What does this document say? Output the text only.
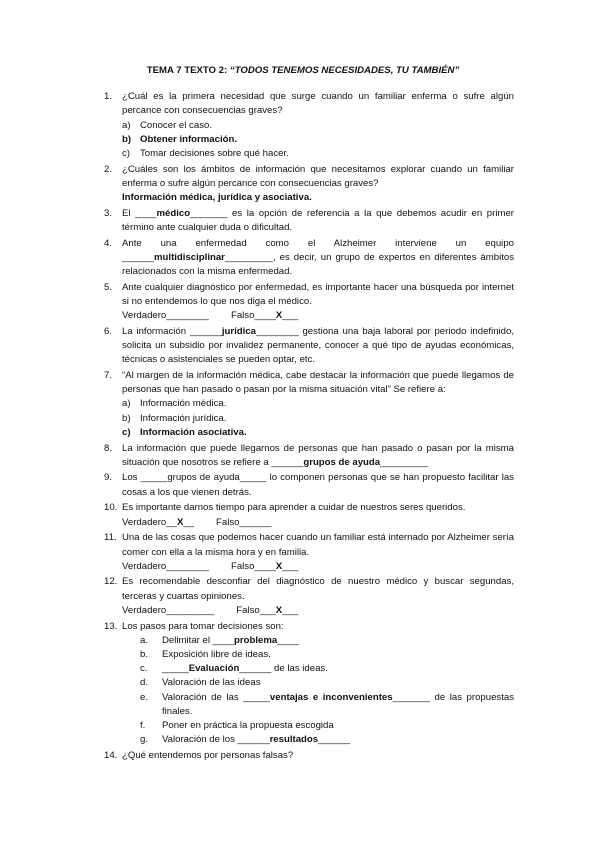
TEMA 7 TEXTO 2: “TODOS TENEMOS NECESIDADES, TU TAMBIÉN”
1. ¿Cuál es la primera necesidad que surge cuando un familiar enferma o sufre algún percance con consecuencias graves?
a) Conocer el caso.
b) Obtener información.
c) Tomar decisiones sobre qué hacer.
2. ¿Cuáles son los ámbitos de información que necesitamos explorar cuando un familiar enferma o sufre algún percance con consecuencias graves?
Información médica, jurídica y asociativa.
3. El ____médico_______ es la opción de referencia a la que debemos acudir en primer término ante cualquier duda o dificultad.
4. Ante una enfermedad como el Alzheimer interviene un equipo
______multidisciplinar_________, es decir, un grupo de expertos en diferentes ámbitos relacionados con la misma enfermedad.
5. Ante cualquier diagnóstico por enfermedad, es importante hacer una búsqueda por internet si no entendemos lo que nos diga el médico.
Verdadero________ Falso____X___
6. La información ______jurídica________ gestiona una baja laboral por periodo indefinido, solicita un subsidio por invalidez permanente, conocer a qué tipo de ayudas económicas, técnicas o asistenciales se pueden optar, etc.
7. “Al margen de la información médica, cabe destacar la información que puede llegamos de personas que han pasado o pasan por la misma situación vital” Se refiere a:
a) Información médica.
b) Información jurídica.
c) Información asociativa.
8. La información que puede llegarnos de personas que han pasado o pasan por la misma situación que nosotros se refiere a ______grupos de ayuda_________
9. Los _____grupos de ayuda_____ lo componen personas que se han propuesto facilitar las cosas a los que vienen detrás.
10. Es importante darnos tiempo para aprender a cuidar de nuestros seres queridos.
Verdadero__X__ Falso______
11. Una de las cosas que podemos hacer cuando un familiar está internado por Alzheimer sería comer con ella a la misma hora y en familia.
Verdadero________ Falso____X___
12. Es recomendable desconfiar del diagnóstico de nuestro médico y buscar segundas, terceras y cuartas opiniones.
Verdadero_________ Falso___X___
13. Los pasos para tomar decisiones son:
a. Delimitar el ____problema____
b. Exposición libre de ideas.
c. _____Evaluación______ de las ideas.
d. Valoración de las ideas
e. Valoración de las _____ventajas e inconvenientes_______ de las propuestas finales.
f. Poner en práctica la propuesta escogida
g. Valoración de los ______resultados______
14. ¿Qué entendemos por personas falsas?
